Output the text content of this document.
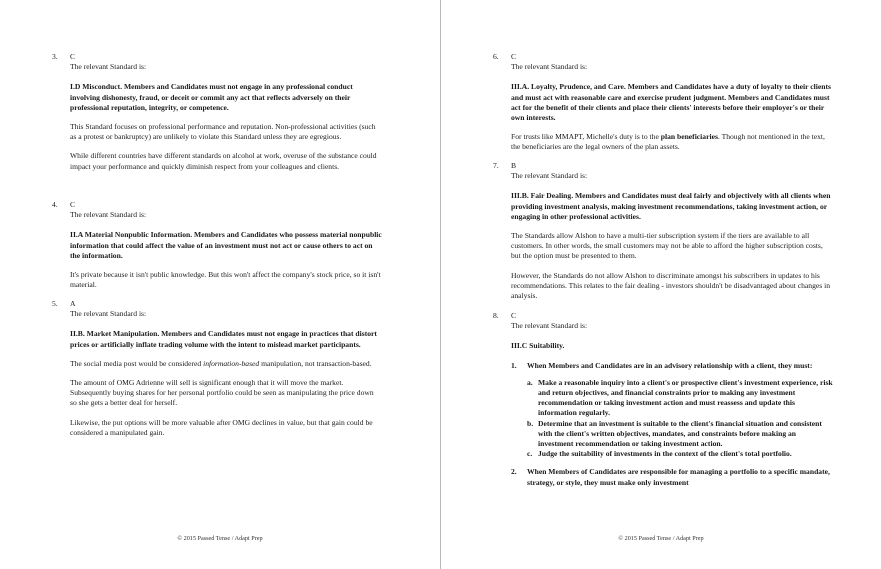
3.	C

The relevant Standard is:

I.D Misconduct. Members and Candidates must not engage in any professional conduct involving dishonesty, fraud, or deceit or commit any act that reflects adversely on their professional reputation, integrity, or competence.

This Standard focuses on professional performance and reputation. Non-professional activities (such as a protest or bankruptcy) are unlikely to violate this Standard unless they are egregious.

While different countries have different standards on alcohol at work, overuse of the substance could impact your performance and quickly diminish respect from your colleagues and clients.

4.	C

The relevant Standard is:

II.A Material Nonpublic Information. Members and Candidates who possess material nonpublic information that could affect the value of an investment must not act or cause others to act on the information.

It's private because it isn't public knowledge. But this won't affect the company's stock price, so it isn't material.

5.	A

The relevant Standard is:

II.B. Market Manipulation. Members and Candidates must not engage in practices that distort prices or artificially inflate trading volume with the intent to mislead market participants.

The social media post would be considered information-based manipulation, not transaction-based.

The amount of OMG Adrienne will sell is significant enough that it will move the market. Subsequently buying shares for her personal portfolio could be seen as manipulating the price down so she gets a better deal for herself.

Likewise, the put options will be more valuable after OMG declines in value, but that gain could be considered a manipulated gain.

© 2015 Passed Tense / Adapt Prep
6.	C

The relevant Standard is:

III.A. Loyalty, Prudence, and Care. Members and Candidates have a duty of loyalty to their clients and must act with reasonable care and exercise prudent judgment. Members and Candidates must act for the benefit of their clients and place their clients' interests before their employer's or their own interests.

For trusts like MMAPT, Michelle's duty is to the plan beneficiaries. Though not mentioned in the text, the beneficiaries are the legal owners of the plan assets.

7.	B

The relevant Standard is:

III.B. Fair Dealing. Members and Candidates must deal fairly and objectively with all clients when providing investment analysis, making investment recommendations, taking investment action, or engaging in other professional activities.

The Standards allow Alshon to have a multi-tier subscription system if the tiers are available to all customers. In other words, the small customers may not be able to afford the higher subscription costs, but the option must be presented to them.

However, the Standards do not allow Alshon to discriminate amongst his subscribers in updates to his recommendations. This relates to the fair dealing - investors shouldn't be disadvantaged about changes in analysis.

8.	C

The relevant Standard is:

III.C Suitability.

1. When Members and Candidates are in an advisory relationship with a client, they must:
a. Make a reasonable inquiry into a client's or prospective client's investment experience, risk and return objectives, and financial constraints prior to making any investment recommendation or taking investment action and must reassess and update this information regularly.
b. Determine that an investment is suitable to the client's financial situation and consistent with the client's written objectives, mandates, and constraints before making an investment recommendation or taking investment action.
c. Judge the suitability of investments in the context of the client's total portfolio.
2. When Members of Candidates are responsible for managing a portfolio to a specific mandate, strategy, or style, they must make only investment
© 2015 Passed Tense / Adapt Prep
